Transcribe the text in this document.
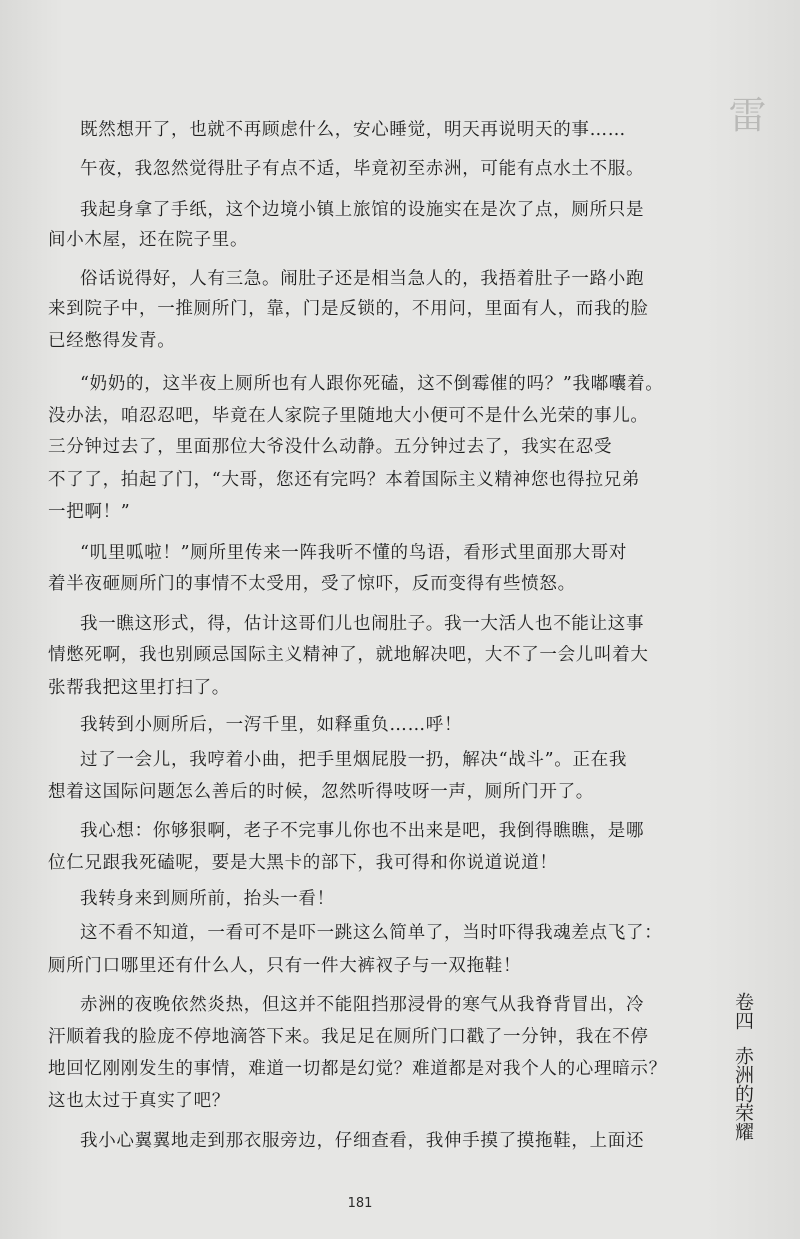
雷
既然想开了，也就不再顾虑什么，安心睡觉，明天再说明天的事……
午夜，我忽然觉得肚子有点不适，毕竟初至赤洲，可能有点水土不服。
我起身拿了手纸，这个边境小镇上旅馆的设施实在是次了点，厕所只是
间小木屋，还在院子里。
俗话说得好，人有三急。闹肚子还是相当急人的，我捂着肚子一路小跑
来到院子中，一推厕所门，靠，门是反锁的，不用问，里面有人，而我的脸
已经憋得发青。
“奶奶的，这半夜上厕所也有人跟你死磕，这不倒霉催的吗？”我嘟囔着。
没办法，咱忍忍吧，毕竟在人家院子里随地大小便可不是什么光荣的事儿。
三分钟过去了，里面那位大爷没什么动静。五分钟过去了，我实在忍受
不了了，拍起了门，“大哥，您还有完吗？本着国际主义精神您也得拉兄弟
一把啊！”
“叽里呱啦！”厕所里传来一阵我听不懂的鸟语，看形式里面那大哥对
着半夜砸厕所门的事情不太受用，受了惊吓，反而变得有些愤怒。
我一瞧这形式，得，估计这哥们儿也闹肚子。我一大活人也不能让这事
情憋死啊，我也别顾忌国际主义精神了，就地解决吧，大不了一会儿叫着大
张帮我把这里打扫了。
我转到小厕所后，一泻千里，如释重负……呼！
过了一会儿，我哼着小曲，把手里烟屁股一扔，解决“战斗”。正在我
想着这国际问题怎么善后的时候，忽然听得吱呀一声，厕所门开了。
我心想：你够狠啊，老子不完事儿你也不出来是吧，我倒得瞧瞧，是哪
位仁兄跟我死磕呢，要是大黑卡的部下，我可得和你说道说道！
我转身来到厕所前，抬头一看！
这不看不知道，一看可不是吓一跳这么简单了，当时吓得我魂差点飞了：
厕所门口哪里还有什么人，只有一件大裤衩子与一双拖鞋！
赤洲的夜晚依然炎热，但这并不能阻挡那浸骨的寒气从我脊背冒出，冷
汗顺着我的脸庞不停地滴答下来。我足足在厕所门口戳了一分钟，我在不停
地回忆刚刚发生的事情，难道一切都是幻觉？难道都是对我个人的心理暗示？
这也太过于真实了吧？
我小心翼翼地走到那衣服旁边，仔细查看，我伸手摸了摸拖鞋，上面还
卷四
赤洲的荣耀
181
